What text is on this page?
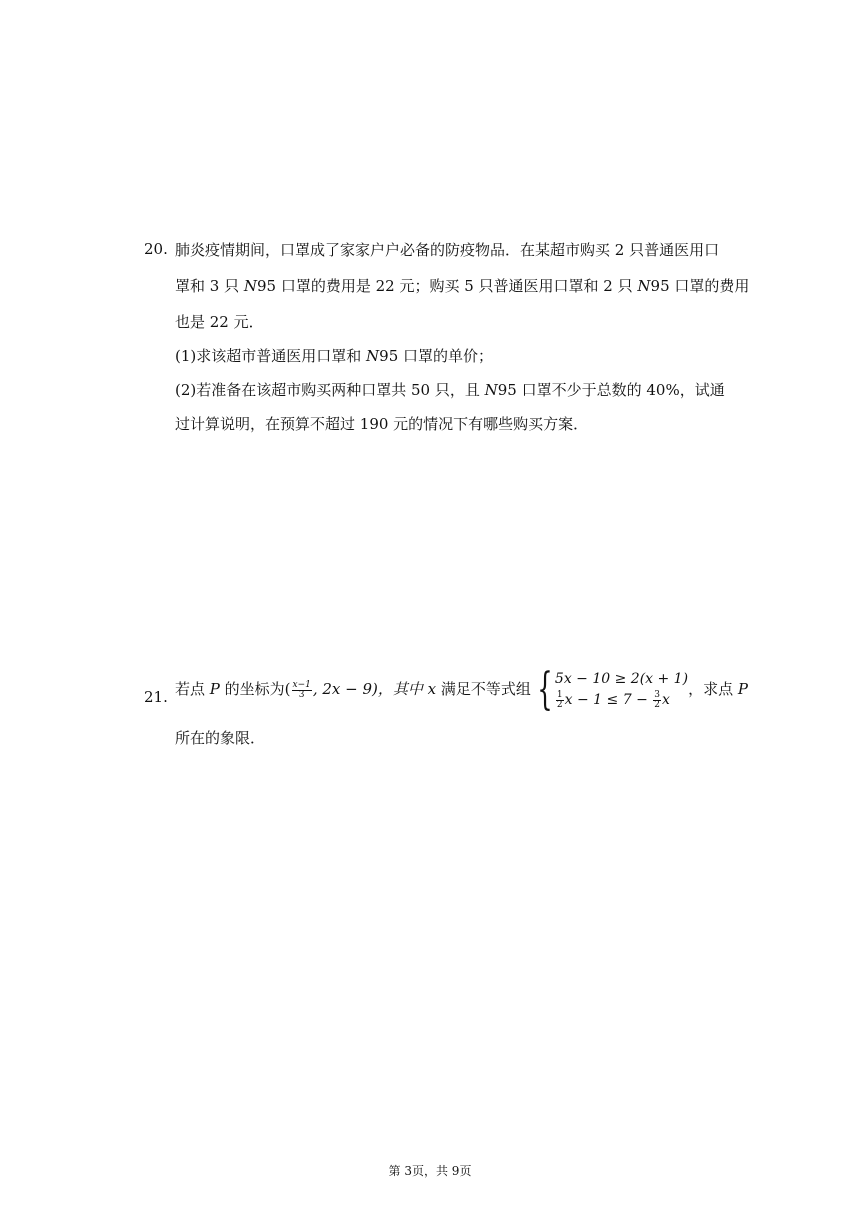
20. 肺炎疫情期间，口罩成了家家户户必备的防疫物品．在某超市购买 2 只普通医用口
罩和 3 只 N95 口罩的费用是 22 元；购买 5 只普通医用口罩和 2 只 N95 口罩的费用
也是 22 元．
(1)求该超市普通医用口罩和 N95 口罩的单价；
(2)若准备在该超市购买两种口罩共 50 只，且 N95 口罩不少于总数的 40%，试通
过计算说明，在预算不超过 190 元的情况下有哪些购买方案．
21. 若点 P 的坐标为( $\frac{x-1}{3}$ , 2x − 9)，其中 x 满足不等式组 { 5x − 10 ≥ 2(x + 1)
$\frac{1}{2}$ $x - 1 \le 7 - \frac{3}{2}$ x
，求点 P
所在的象限．
第 3页，共 9页
